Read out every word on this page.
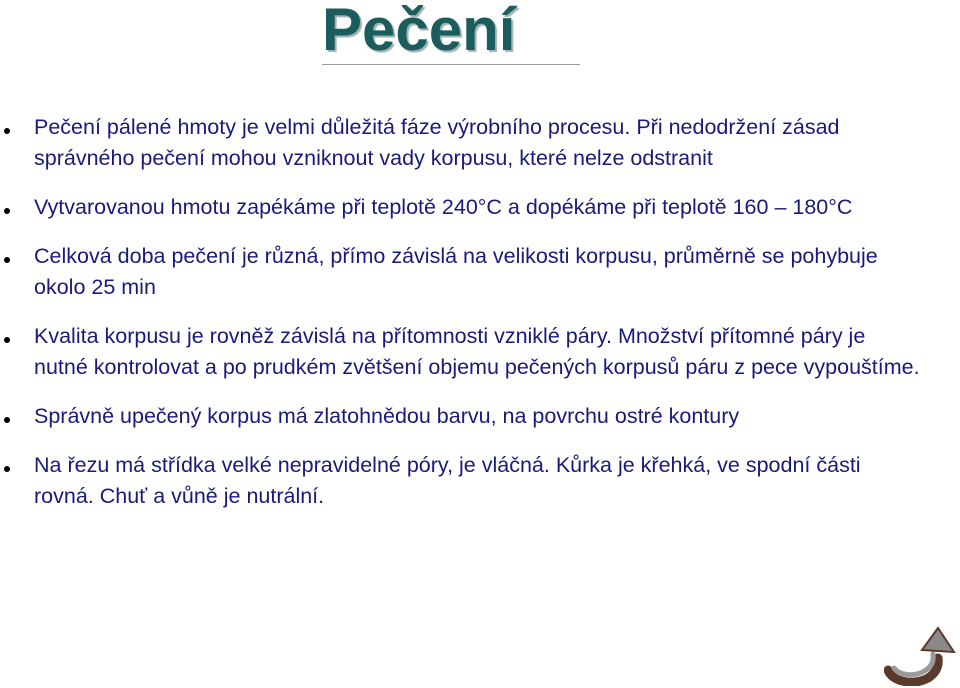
Pečení
Pečení pálené hmoty je velmi důležitá fáze výrobního procesu. Při nedodržení zásad správného pečení mohou vzniknout vady korpusu, které nelze odstranit
Vytvarovanou hmotu zapékáme při teplotě 240°C a dopékáme při teplotě 160 – 180°C
Celková doba pečení je různá, přímo závislá na velikosti korpusu, průměrně se pohybuje okolo 25 min
Kvalita korpusu je rovněž závislá na přítomnosti vzniklé páry. Množství přítomné páry je nutné kontrolovat a po prudkém zvětšení objemu pečených korpusů páru z pece vypouštíme.
Správně upečený korpus má zlatohnědou barvu, na povrchu ostré kontury
Na řezu má střídka velké nepravidelné póry, je vláčná. Kůrka je křehká, ve spodní části rovná. Chuť a vůně je nutrální.
